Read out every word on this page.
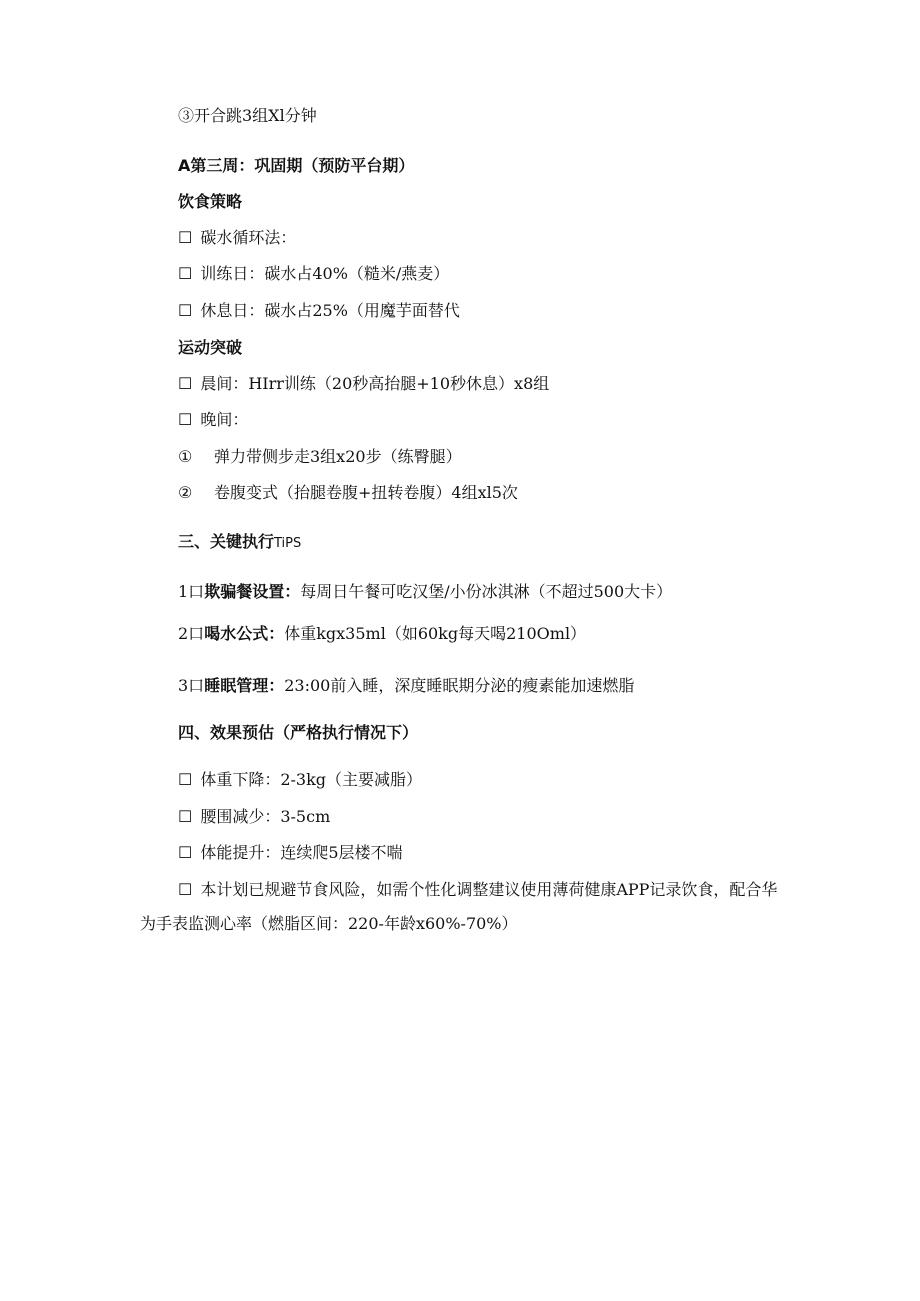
③开合跳3组Xl分钟
A第三周：巩固期（预防平台期）
饮食策略
☐ 碳水循环法：
☐ 训练日：碳水占40%（糙米/燕麦）
☐ 休息日：碳水占25%（用魔芋面替代
运动突破
☐ 晨间：HIrr训练（20秒高抬腿+10秒休息）x8组
☐ 晚间：
① 弹力带侧步走3组x20步（练臀腿）
② 卷腹变式（抬腿卷腹+扭转卷腹）4组xl5次
三、关键执行TiPS
1口欺骗餐设置：每周日午餐可吃汉堡/小份冰淇淋（不超过500大卡）
2口喝水公式：体重kgx35ml（如60kg每天喝210Oml）
3口睡眠管理：23:00前入睡，深度睡眠期分泌的瘦素能加速燃脂
四、效果预估（严格执行情况下）
☐ 体重下降：2-3kg（主要减脂）
☐ 腰围减少：3-5cm
☐ 体能提升：连续爬5层楼不喘
☐ 本计划已规避节食风险，如需个性化调整建议使用薄荷健康APP记录饮食，配合华为手表监测心率（燃脂区间：220-年龄x60%-70%）
